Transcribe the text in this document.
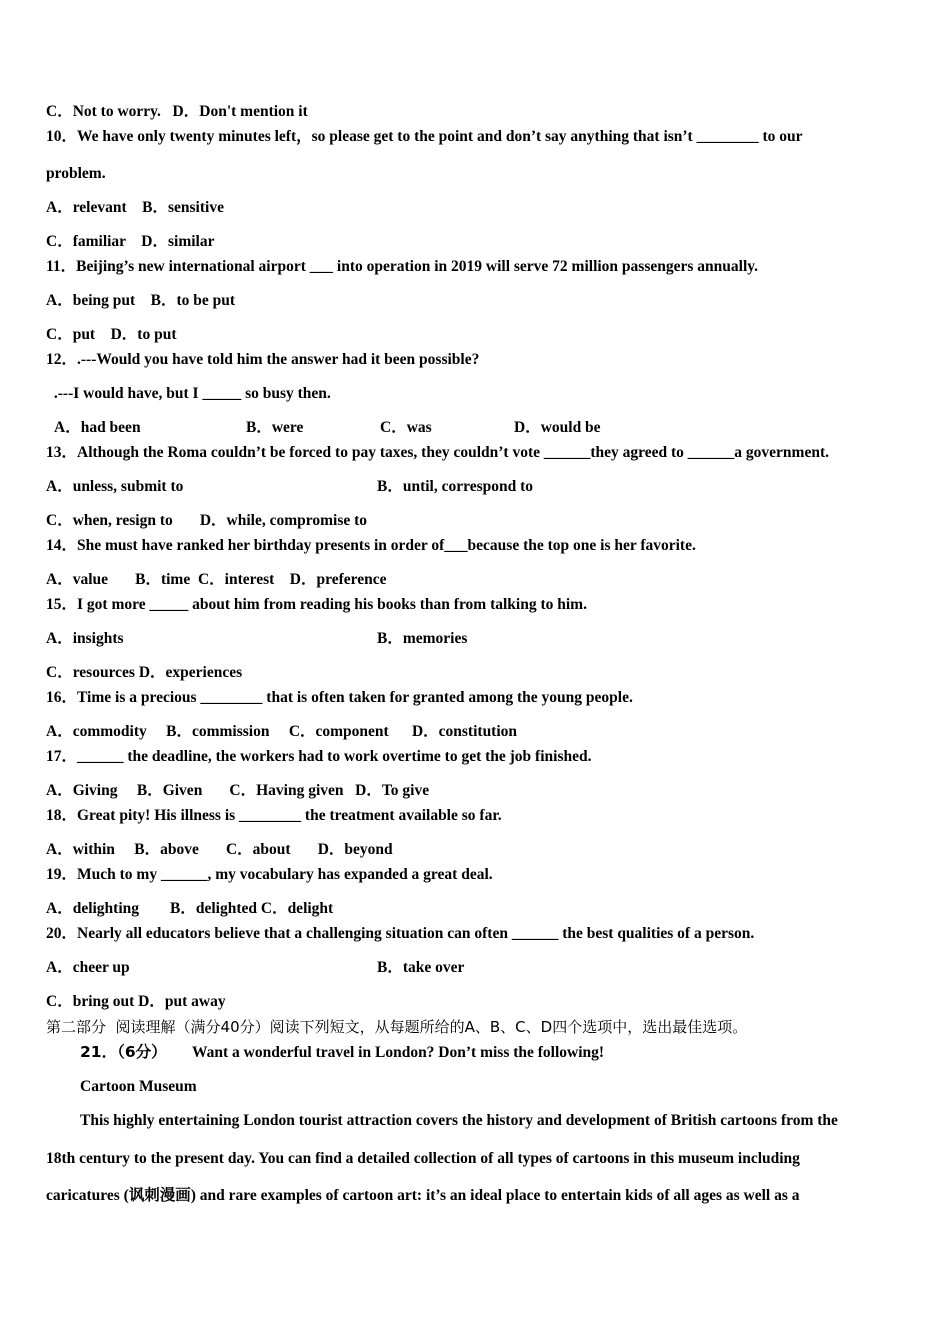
C．Not to worry.   D．Don't mention it
10．We have only twenty minutes left，so please get to the point and don’t say anything that isn’t ________ to our
problem.
A．relevant    B．sensitive
C．familiar    D．similar
11．Beijing’s new international airport ___ into operation in 2019 will serve 72 million passengers annually.
A．being put    B．to be put
C．put    D．to put
12．.---Would you have told him the answer had it been possible?
.---I would have, but I _____ so busy then.
A．had been	B．were	C．was	D．would be
13．Although the Roma couldn’t be forced to pay taxes, they couldn’t vote ______they agreed to ______a government.
A．unless, submit to	B．until, correspond to
C．when, resign to       D．while, compromise to
14．She must have ranked her birthday presents in order of___because the top one is her favorite.
A．value       B．time  C．interest    D．preference
15．I got more _____ about him from reading his books than from talking to him.
A．insights	B．memories
C．resources D．experiences
16．Time is a precious ________ that is often taken for granted among the young people.
A．commodity     B．commission     C．component      D．constitution
17．______ the deadline, the workers had to work overtime to get the job finished.
A．Giving     B．Given       C．Having given   D．To give
18．Great pity! His illness is ________ the treatment available so far.
A．within     B．above       C．about       D．beyond
19．Much to my ______, my vocabulary has expanded a great deal.
A．delighting        B．delighted C．delight
20．Nearly all educators believe that a challenging situation can often ______ the best qualities of a person.
A．cheer up	B．take over
C．bring out D．put away
第二部分  阅读理解（满分40分）阅读下列短文，从每题所给的A、B、C、D四个选项中，选出最佳选项。
21．（6分） Want a wonderful travel in London? Don’t miss the following!
Cartoon Museum
This highly entertaining London tourist attraction covers the history and development of British cartoons from the
18th century to the present day. You can find a detailed collection of all types of cartoons in this museum including
caricatures (讽刺漫画) and rare examples of cartoon art: it’s an ideal place to entertain kids of all ages as well as a
